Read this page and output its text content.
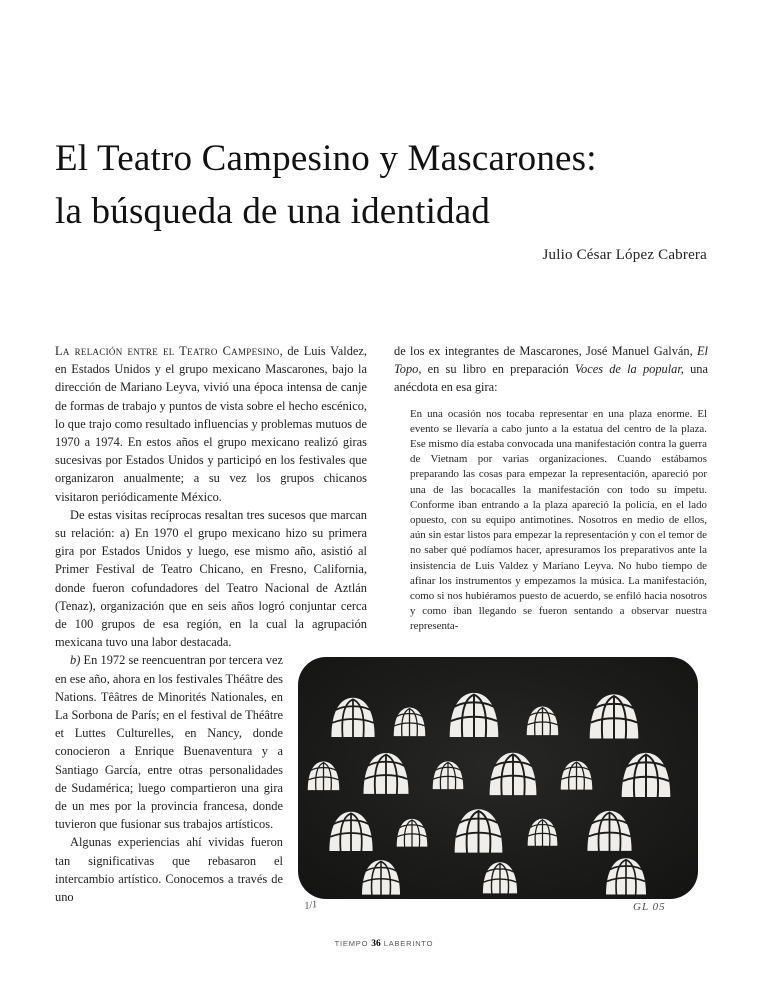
El Teatro Campesino y Mascarones:
la búsqueda de una identidad
Julio César López Cabrera

La relación entre el Teatro Campesino, de Luis Valdez, en Estados Unidos y el grupo mexicano Mascarones, bajo la dirección de Mariano Leyva, vivió una época intensa de canje de formas de trabajo y puntos de vista sobre el hecho escénico, lo que trajo como resultado influencias y problemas mutuos de 1970 a 1974. En estos años el grupo mexicano realizó giras sucesivas por Estados Unidos y participó en los festivales que organizaron anualmente; a su vez los grupos chicanos visitaron periódicamente México.

De estas visitas recíprocas resaltan tres sucesos que marcan su relación: a) En 1970 el grupo mexicano hizo su primera gira por Estados Unidos y luego, ese mismo año, asistió al Primer Festival de Teatro Chicano, en Fresno, California, donde fueron cofundadores del Teatro Nacional de Aztlán (Tenaz), organización que en seis años logró conjuntar cerca de 100 grupos de esa región, en la cual la agrupación mexicana tuvo una labor destacada.

b) En 1972 se reencuentran por tercera vez en ese año, ahora en los festivales Théâtre des Nations. Têâtres de Minorités Nationales, en La Sorbona de París; en el festival de Théâtre et Luttes Culturelles, en Nancy, donde conocieron a Enrique Buenaventura y a Santiago García, entre otras personalidades de Sudamérica; luego compartieron una gira de un mes por la provincia francesa, donde tuvieron que fusionar sus trabajos artísticos.

Algunas experiencias ahí vividas fueron tan significativas que rebasaron el intercambio artístico. Conocemos a través de uno

de los ex integrantes de Mascarones, José Manuel Galván, El Topo, en su libro en preparación Voces de la popular, una anécdota en esa gira:

En una ocasión nos tocaba representar en una plaza enorme. El evento se llevaría a cabo junto a la estatua del centro de la plaza. Ese mismo día estaba convocada una manifestación contra la guerra de Vietnam por varias organizaciones. Cuando estábamos preparando las cosas para empezar la representación, apareció por una de las bocacalles la manifestación con todo su ímpetu. Conforme iban entrando a la plaza apareció la policía, en el lado opuesto, con su equipo antimotines. Nosotros en medio de ellos, aún sin estar listos para empezar la representación y con el temor de no saber qué podíamos hacer, apresuramos los preparativos ante la insistencia de Luis Valdez y Mariano Leyva. No hubo tiempo de afinar los instrumentos y empezamos la música. La manifestación, como si nos hubiéramos puesto de acuerdo, se enfiló hacia nosotros y como iban llegando se fueron sentando a observar nuestra representa-
1/1	GL 05
TIEMPO 36 LABERINTO
